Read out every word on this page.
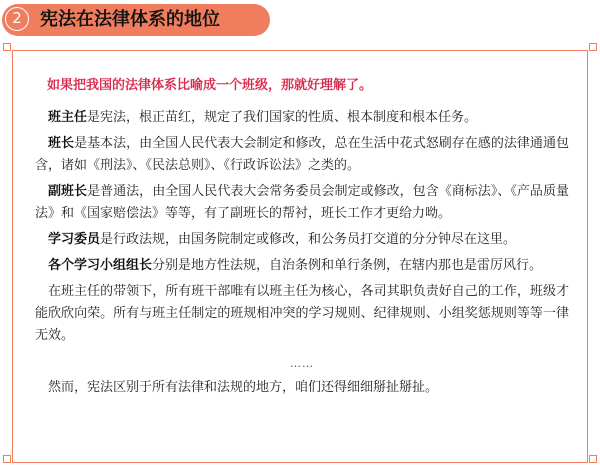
2	宪法在法律体系的地位

如果把我国的法律体系比喻成一个班级，那就好理解了。

班主任是宪法，根正苗红，规定了我们国家的性质、根本制度和根本任务。

班长是基本法，由全国人民代表大会制定和修改，总在生活中花式怒刷存在感的法律通通包含，诸如《刑法》、《民法总则》、《行政诉讼法》之类的。

副班长是普通法，由全国人民代表大会常务委员会制定或修改，包含《商标法》、《产品质量法》和《国家赔偿法》等等，有了副班长的帮衬，班长工作才更给力呦。

学习委员是行政法规，由国务院制定或修改，和公务员打交道的分分钟尽在这里。

各个学习小组组长分别是地方性法规，自治条例和单行条例，在辖内那也是雷厉风行。

在班主任的带领下，所有班干部唯有以班主任为核心，各司其职负责好自己的工作，班级才能欣欣向荣。所有与班主任制定的班规相冲突的学习规则、纪律规则、小组奖惩规则等等一律无效。

……

然而，宪法区别于所有法律和法规的地方，咱们还得细细掰扯掰扯。
